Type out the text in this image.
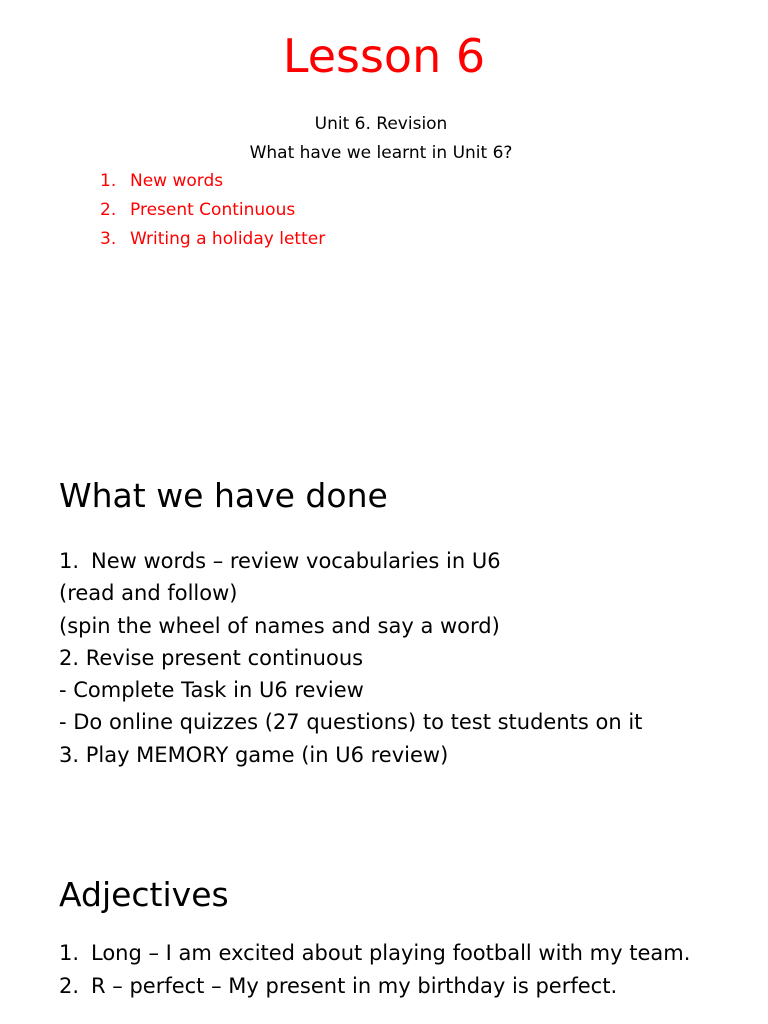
Lesson 6
Unit 6. Revision
What have we learnt in Unit 6?
1. New words
2. Present Continuous
3. Writing a holiday letter
What we have done
1. New words – review vocabularies in U6
(read and follow)
(spin the wheel of names and say a word)
2. Revise present continuous
- Complete Task in U6 review
- Do online quizzes (27 questions) to test students on it
3. Play MEMORY game (in U6 review)
Adjectives
1. Long – I am excited about playing football with my team.
2. R – perfect – My present in my birthday is perfect.
